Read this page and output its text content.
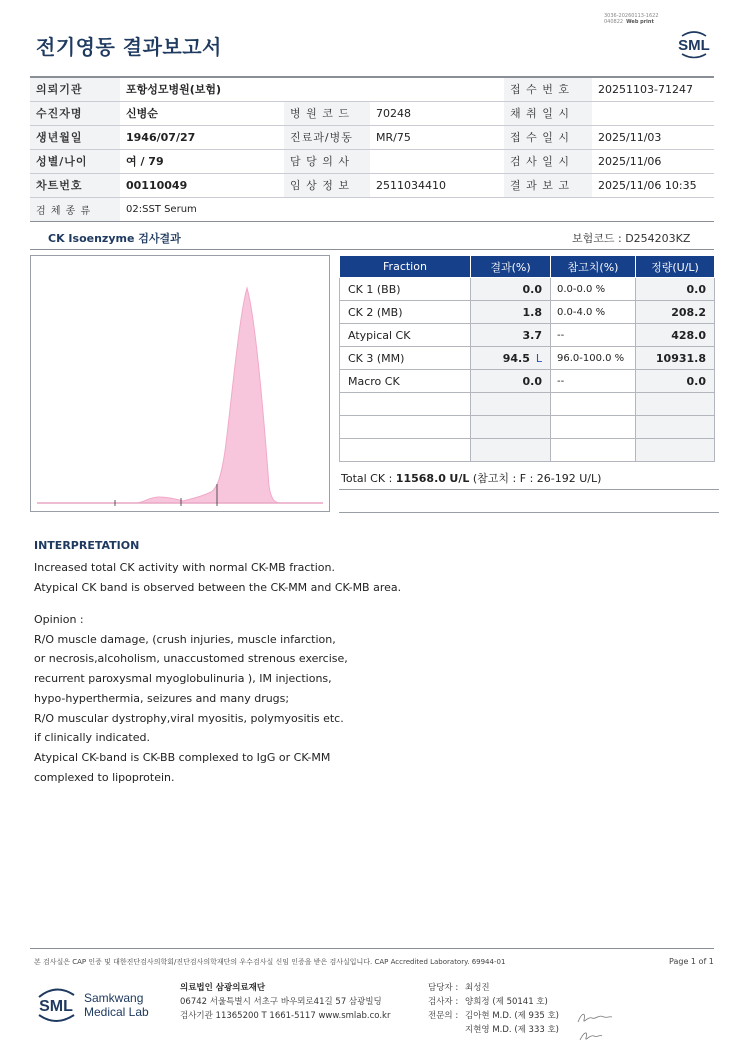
3036-20260113-1622
040822 Web print
전기영동 결과보고서	SML
의뢰기관	포항성모병원(보험)			접 수 번 호	20251103-71247
수진자명	신병순	병 원 코 드	70248	채 취 일 시	
생년월일	1946/07/27	진료과/병동	MR/75	접 수 일 시	2025/11/03
성별/나이	여 / 79	담 당 의 사		검 사 일 시	2025/11/06
차트번호	00110049	임 상 정 보	2511034410	결 과 보 고	2025/11/06 10:35
검 체 종 류	02:SST Serum				
CK Isoenzyme 검사결과	보험코드 : D254203KZ
Fraction	결과(%)	참고치(%)	정량(U/L)
CK 1 (BB)	0.0	0.0-0.0 %	0.0
CK 2 (MB)	1.8	0.0-4.0 %	208.2
Atypical CK	3.7	--	428.0
CK 3 (MM)	94.5 L	96.0-100.0 %	10931.8
Macro CK	0.0	--	0.0

Total CK : 11568.0 U/L (참고치 : F : 26-192 U/L)
INTERPRETATION
Increased total CK activity with normal CK-MB fraction.
Atypical CK band is observed between the CK-MM and CK-MB area.
Opinion :
R/O muscle damage, (crush injuries, muscle infarction,
or necrosis,alcoholism, unaccustomed strenous exercise,
recurrent paroxysmal myoglobulinuria ), IM injections,
hypo-hyperthermia, seizures and many drugs;
R/O muscular dystrophy,viral myositis, polymyositis etc.
if clinically indicated.
Atypical CK-band is CK-BB complexed to IgG or CK-MM
complexed to lipoprotein.
본 검사실은 CAP 인증 및 대한진단검사의학회/진단검사의학재단의 우수검사실 신임 인증을 받은 검사실입니다. CAP Accredited Laboratory. 69944-01	Page 1 of 1
SML Samkwang
Medical Lab
의료법인 삼광의료재단
06742 서울특별시 서초구 바우뫼로41길 57 삼광빌딩
검사기관 11365200 T 1661-5117 www.smlab.co.kr
담당자 : 최성진
검사자 : 양희정 (제 50141 호)
전문의 : 김아현 M.D. (제 935 호)
지현영 M.D. (제 333 호)
